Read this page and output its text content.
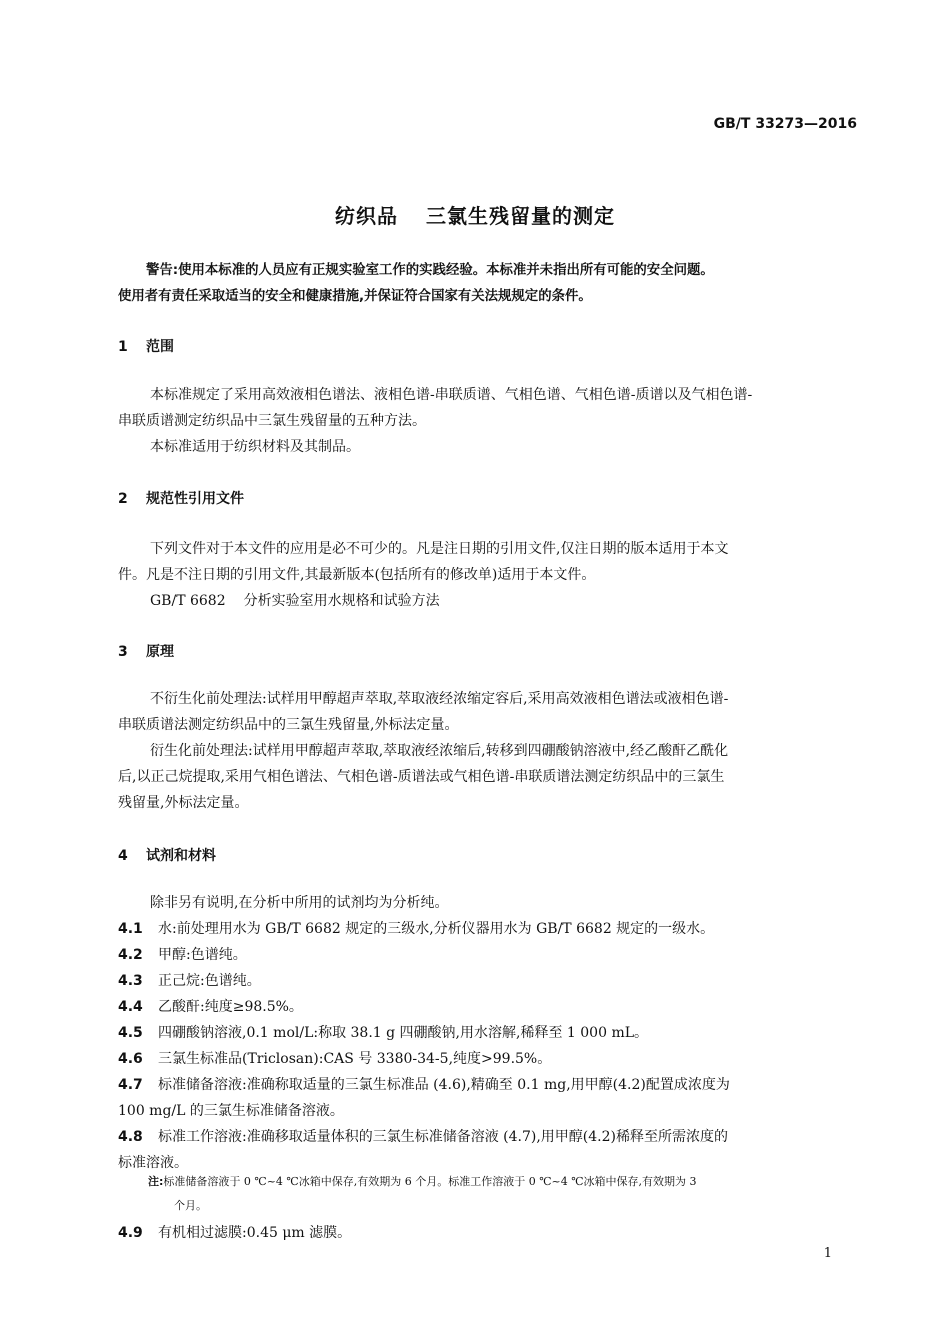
GB/T 33273—2016
纺织品 三氯生残留量的测定
警告:使用本标准的人员应有正规实验室工作的实践经验。本标准并未指出所有可能的安全问题。
使用者有责任采取适当的安全和健康措施,并保证符合国家有关法规规定的条件。
1 范围
本标准规定了采用高效液相色谱法、液相色谱-串联质谱、气相色谱、气相色谱-质谱以及气相色谱-
串联质谱测定纺织品中三氯生残留量的五种方法。
本标准适用于纺织材料及其制品。
2 规范性引用文件
下列文件对于本文件的应用是必不可少的。凡是注日期的引用文件,仅注日期的版本适用于本文
件。凡是不注日期的引用文件,其最新版本(包括所有的修改单)适用于本文件。
GB/T 6682 分析实验室用水规格和试验方法
3 原理
不衍生化前处理法:试样用甲醇超声萃取,萃取液经浓缩定容后,采用高效液相色谱法或液相色谱-
串联质谱法测定纺织品中的三氯生残留量,外标法定量。
衍生化前处理法:试样用甲醇超声萃取,萃取液经浓缩后,转移到四硼酸钠溶液中,经乙酸酐乙酰化
后,以正己烷提取,采用气相色谱法、气相色谱-质谱法或气相色谱-串联质谱法测定纺织品中的三氯生
残留量,外标法定量。
4 试剂和材料
除非另有说明,在分析中所用的试剂均为分析纯。
4.1 水:前处理用水为 GB/T 6682 规定的三级水,分析仪器用水为 GB/T 6682 规定的一级水。
4.2 甲醇:色谱纯。
4.3 正己烷:色谱纯。
4.4 乙酸酐:纯度≥98.5%。
4.5 四硼酸钠溶液,0.1 mol/L:称取 38.1 g 四硼酸钠,用水溶解,稀释至 1 000 mL。
4.6 三氯生标准品(Triclosan):CAS 号 3380-34-5,纯度>99.5%。
4.7 标准储备溶液:准确称取适量的三氯生标准品 (4.6),精确至 0.1 mg,用甲醇(4.2)配置成浓度为
100 mg/L 的三氯生标准储备溶液。
4.8 标准工作溶液:准确移取适量体积的三氯生标准储备溶液 (4.7),用甲醇(4.2)稀释至所需浓度的
标准溶液。
注:标准储备溶液于 0 ℃~4 ℃冰箱中保存,有效期为 6 个月。标准工作溶液于 0 ℃~4 ℃冰箱中保存,有效期为 3
个月。
4.9 有机相过滤膜:0.45 μm 滤膜。
1
